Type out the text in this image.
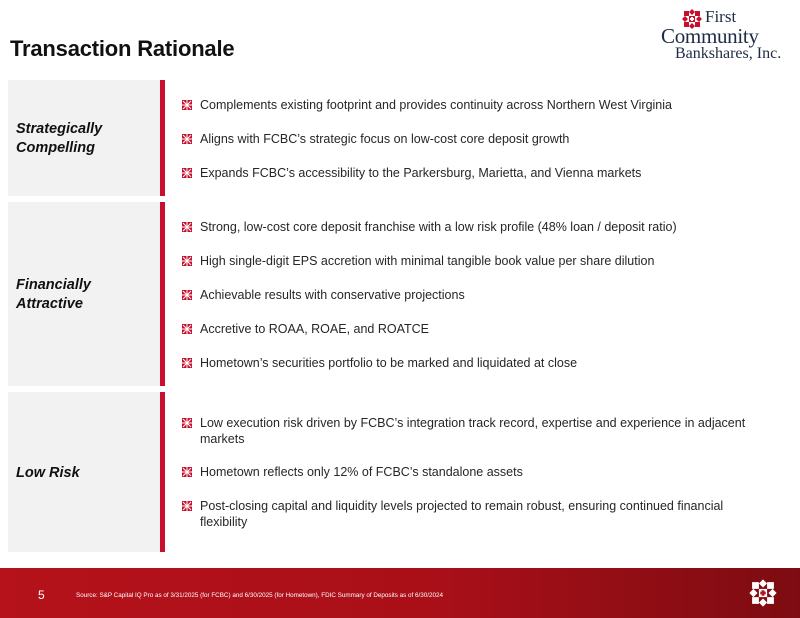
Transaction Rationale
First
Community
Bankshares, Inc.
Strategically
Compelling
Complements existing footprint and provides continuity across Northern West Virginia
Aligns with FCBC’s strategic focus on low-cost core deposit growth
Expands FCBC’s accessibility to the Parkersburg, Marietta, and Vienna markets
Financially
Attractive
Strong, low-cost core deposit franchise with a low risk profile (48% loan / deposit ratio)
High single-digit EPS accretion with minimal tangible book value per share dilution
Achievable results with conservative projections
Accretive to ROAA, ROAE, and ROATCE
Hometown’s securities portfolio to be marked and liquidated at close
Low Risk
Low execution risk driven by FCBC’s integration track record, expertise and experience in adjacent markets
Hometown reflects only 12% of FCBC’s standalone assets
Post-closing capital and liquidity levels projected to remain robust, ensuring continued financial flexibility
5	Source: S&P Capital IQ Pro as of 3/31/2025 (for FCBC) and 6/30/2025 (for Hometown), FDIC Summary of Deposits as of 6/30/2024
